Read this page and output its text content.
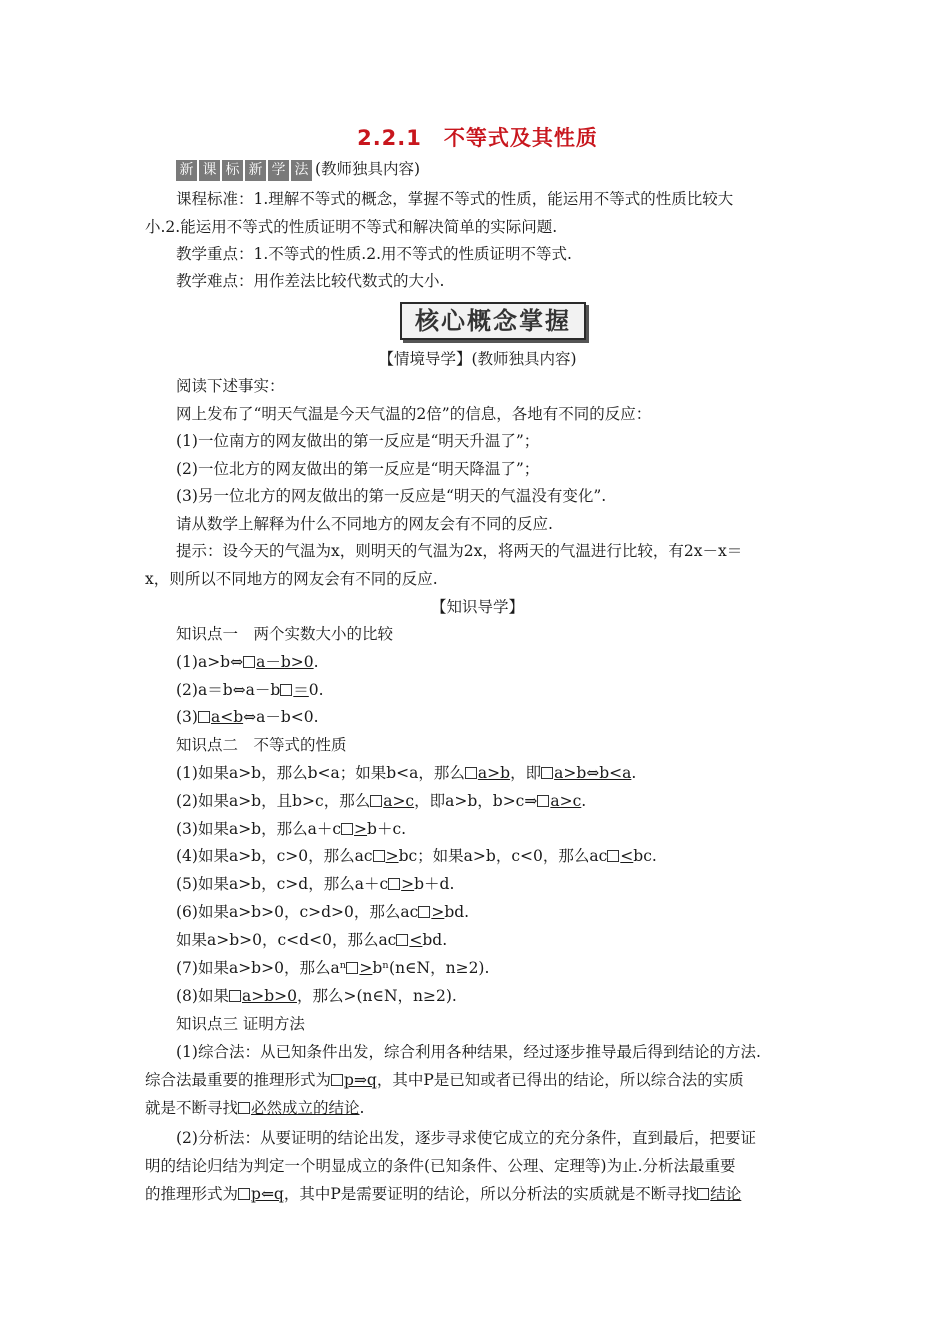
2.2.1　不等式及其性质
新 课 标 新 学 法 (教师独具内容)
课程标准：1.理解不等式的概念，掌握不等式的性质，能运用不等式的性质比较大
小.2.能运用不等式的性质证明不等式和解决简单的实际问题.
教学重点：1.不等式的性质.2.用不等式的性质证明不等式.
教学难点：用作差法比较代数式的大小.
核心概念掌握
【情境导学】(教师独具内容)
阅读下述事实：
网上发布了“明天气温是今天气温的2倍”的信息，各地有不同的反应：
(1)一位南方的网友做出的第一反应是“明天升温了”；
(2)一位北方的网友做出的第一反应是“明天降温了”；
(3)另一位北方的网友做出的第一反应是“明天的气温没有变化”.
请从数学上解释为什么不同地方的网友会有不同的反应.
提示：设今天的气温为x，则明天的气温为2x，将两天的气温进行比较，有2x－x＝
x，则所以不同地方的网友会有不同的反应.
【知识导学】
知识点一　两个实数大小的比较
(1)a>b⇔ a－b>0.
(2)a＝b⇔a－b ＝0.
(3) a<b⇔a－b<0.
知识点二　不等式的性质
(1)如果a>b，那么b<a；如果b<a，那么 a>b，即 a>b⇔b<a.
(2)如果a>b，且b>c，那么 a>c，即a>b，b>c⇒ a>c.
(3)如果a>b，那么a＋c >b＋c.
(4)如果a>b，c>0，那么ac >bc；如果a>b，c<0，那么ac <bc.
(5)如果a>b，c>d，那么a＋c >b＋d.
(6)如果a>b>0，c>d>0，那么ac >bd.
如果a>b>0，c<d<0，那么ac <bd.
(7)如果a>b>0，那么aⁿ >bⁿ(n∈N，n≥2).
(8)如果 a>b>0，那么>(n∈N，n≥2).
知识点三 证明方法
(1)综合法：从已知条件出发，综合利用各种结果，经过逐步推导最后得到结论的方法.
综合法最重要的推理形式为 p⇒q，其中P是已知或者已得出的结论，所以综合法的实质
就是不断寻找 必然成立的结论.
(2)分析法：从要证明的结论出发，逐步寻求使它成立的充分条件，直到最后，把要证
明的结论归结为判定一个明显成立的条件(已知条件、公理、定理等)为止.分析法最重要
的推理形式为 p⇐q，其中P是需要证明的结论，所以分析法的实质就是不断寻找 结论
